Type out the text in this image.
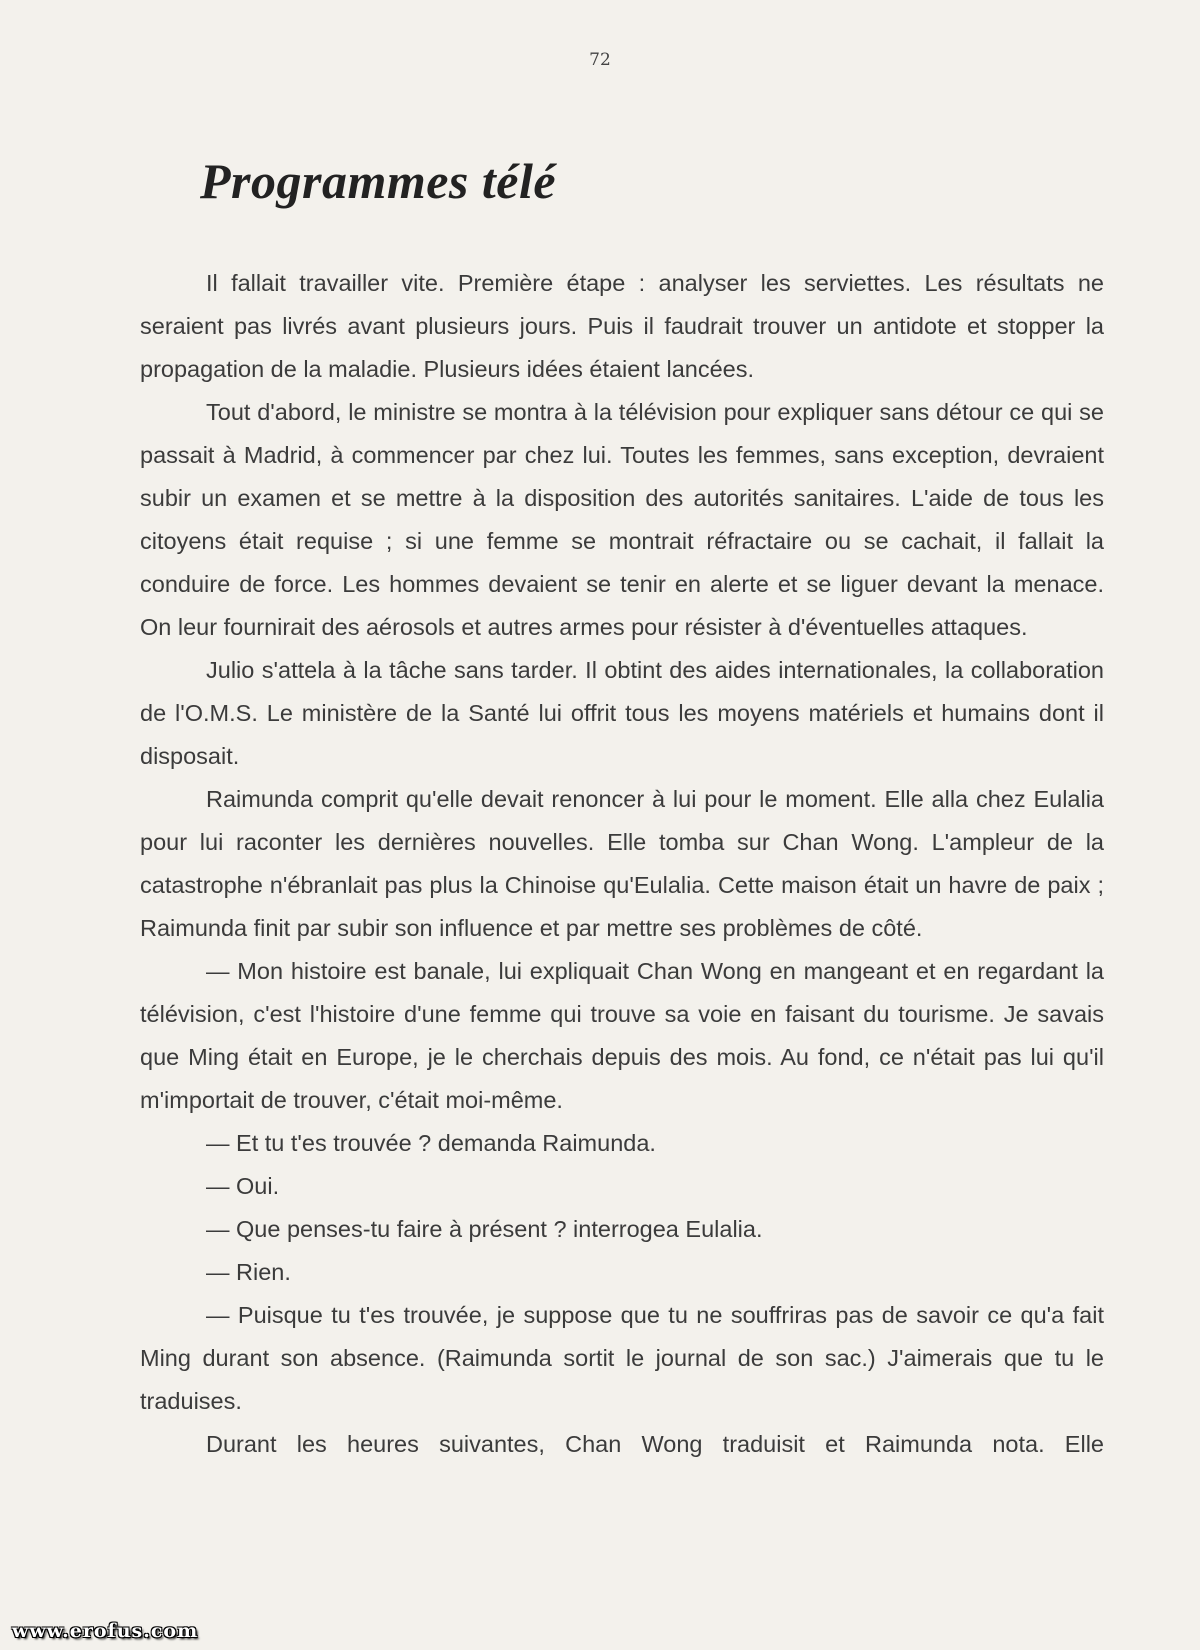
72
Programmes télé

Il fallait travailler vite. Première étape : analyser les serviettes. Les résultats ne seraient pas livrés avant plusieurs jours. Puis il faudrait trouver un antidote et stopper la propagation de la maladie. Plusieurs idées étaient lancées.

Tout d'abord, le ministre se montra à la télévision pour expliquer sans détour ce qui se passait à Madrid, à commencer par chez lui. Toutes les femmes, sans exception, devraient subir un examen et se mettre à la disposition des autorités sanitaires. L'aide de tous les citoyens était requise ; si une femme se montrait réfractaire ou se cachait, il fallait la conduire de force. Les hommes devaient se tenir en alerte et se liguer devant la menace. On leur fournirait des aérosols et autres armes pour résister à d'éventuelles attaques.

Julio s'attela à la tâche sans tarder. Il obtint des aides internationales, la collaboration de l'O.M.S. Le ministère de la Santé lui offrit tous les moyens matériels et humains dont il disposait.

Raimunda comprit qu'elle devait renoncer à lui pour le moment. Elle alla chez Eulalia pour lui raconter les dernières nouvelles. Elle tomba sur Chan Wong. L'ampleur de la catastrophe n'ébranlait pas plus la Chinoise qu'Eulalia. Cette maison était un havre de paix ; Raimunda finit par subir son influence et par mettre ses problèmes de côté.

— Mon histoire est banale, lui expliquait Chan Wong en mangeant et en regardant la télévision, c'est l'histoire d'une femme qui trouve sa voie en faisant du tourisme. Je savais que Ming était en Europe, je le cherchais depuis des mois. Au fond, ce n'était pas lui qu'il m'importait de trouver, c'était moi-même.

— Et tu t'es trouvée ? demanda Raimunda.

— Oui.

— Que penses-tu faire à présent ? interrogea Eulalia.

— Rien.

— Puisque tu t'es trouvée, je suppose que tu ne souffriras pas de savoir ce qu'a fait Ming durant son absence. (Raimunda sortit le journal de son sac.) J'aimerais que tu le traduises.

Durant les heures suivantes, Chan Wong traduisit et Raimunda nota. Elle

www.erofus.com
